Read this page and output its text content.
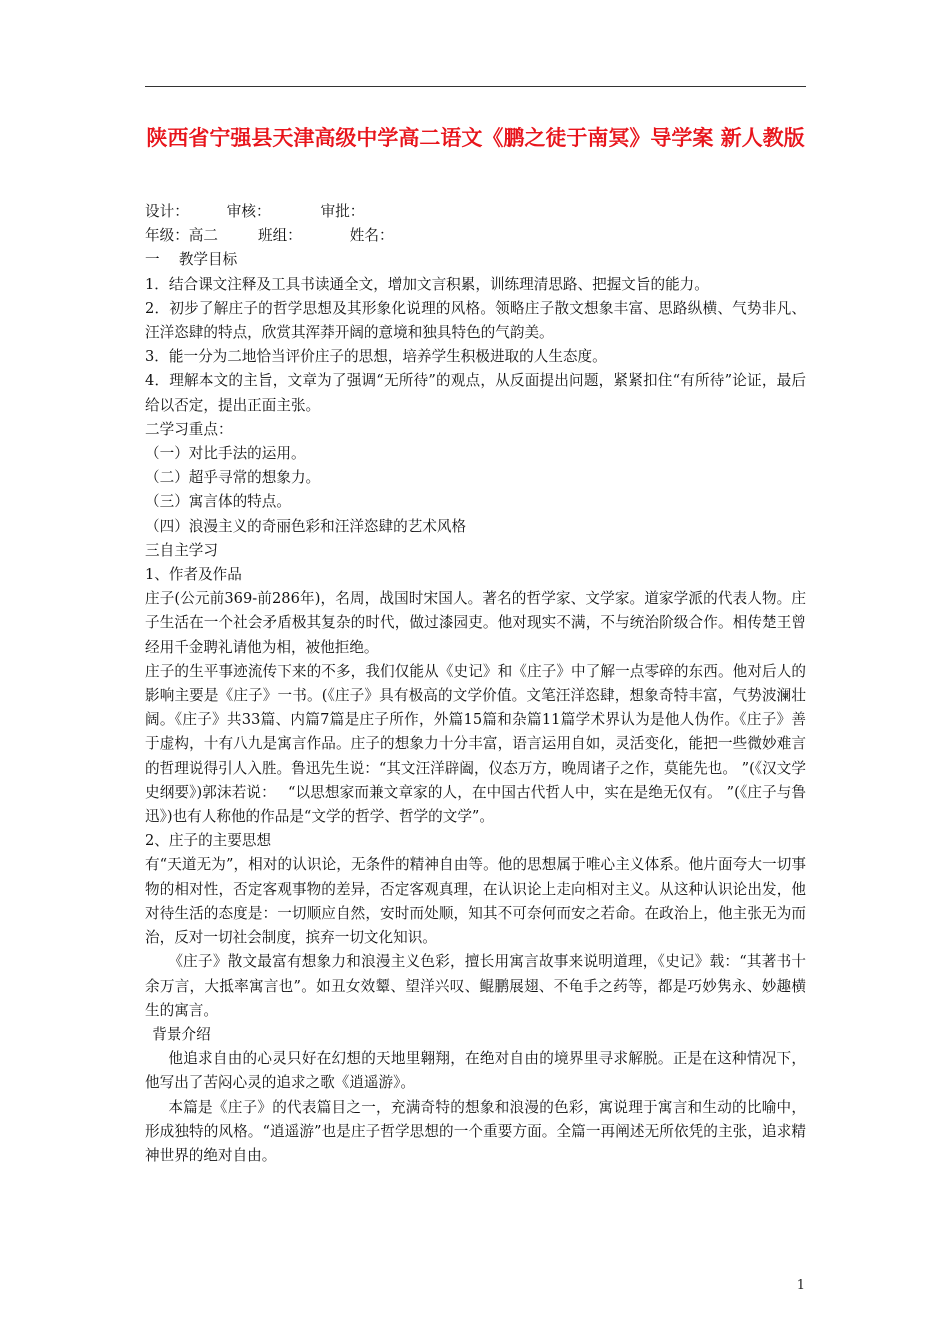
陕西省宁强县天津高级中学高二语文《鹏之徒于南冥》导学案 新人教版

设计：	审核：	审批：

年级：高二	班组：	姓名：

一　 教学目标

1．结合课文注释及工具书读通全文，增加文言积累，训练理清思路、把握文旨的能力。

2．初步了解庄子的哲学思想及其形象化说理的风格。领略庄子散文想象丰富、思路纵横、气势非凡、汪洋恣肆的特点，欣赏其浑莽开阔的意境和独具特色的气韵美。

3．能一分为二地恰当评价庄子的思想，培养学生积极进取的人生态度。

4．理解本文的主旨，文章为了强调“无所待”的观点，从反面提出问题，紧紧扣住“有所待”论证，最后给以否定，提出正面主张。

二学习重点：

（一）对比手法的运用。

（二）超乎寻常的想象力。

（三）寓言体的特点。

（四）浪漫主义的奇丽色彩和汪洋恣肆的艺术风格

三自主学习

1、作者及作品

庄子(公元前369-前286年)，名周，战国时宋国人。著名的哲学家、文学家。道家学派的代表人物。庄子生活在一个社会矛盾极其复杂的时代，做过漆园吏。他对现实不满，不与统治阶级合作。相传楚王曾经用千金聘礼请他为相，被他拒绝。

庄子的生平事迹流传下来的不多，我们仅能从《史记》和《庄子》中了解一点零碎的东西。他对后人的影响主要是《庄子》一书。(《庄子》具有极高的文学价值。文笔汪洋恣肆，想象奇特丰富，气势波澜壮阔。《庄子》共33篇、内篇7篇是庄子所作，外篇15篇和杂篇11篇学术界认为是他人伪作。《庄子》善于虚构，十有八九是寓言作品。庄子的想象力十分丰富，语言运用自如，灵活变化，能把一些微妙难言的哲理说得引人入胜。鲁迅先生说：“其文汪洋辟阖，仪态万方，晚周诸子之作，莫能先也。 ”(《汉文学史纲要》)郭沫若说：　 “以思想家而兼文章家的人，在中国古代哲人中，实在是绝无仅有。 ”(《庄子与鲁迅》)也有人称他的作品是“文学的哲学、哲学的文学”。

2、庄子的主要思想

有“天道无为”，相对的认识论，无条件的精神自由等。他的思想属于唯心主义体系。他片面夸大一切事物的相对性，否定客观事物的差异，否定客观真理，在认识论上走向相对主义。从这种认识论出发，他对待生活的态度是：一切顺应自然，安时而处顺，知其不可奈何而安之若命。在政治上，他主张无为而治，反对一切社会制度，摈弃一切文化知识。

《庄子》散文最富有想象力和浪漫主义色彩，擅长用寓言故事来说明道理，《史记》载：“其著书十余万言，大抵率寓言也”。如丑女效颦、望洋兴叹、鲲鹏展翅、不龟手之药等，都是巧妙隽永、妙趣横生的寓言。

背景介绍

他追求自由的心灵只好在幻想的天地里翱翔，在绝对自由的境界里寻求解脱。正是在这种情况下，他写出了苦闷心灵的追求之歌《逍遥游》。

本篇是《庄子》的代表篇目之一，充满奇特的想象和浪漫的色彩，寓说理于寓言和生动的比喻中，形成独特的风格。“逍遥游”也是庄子哲学思想的一个重要方面。全篇一再阐述无所依凭的主张，追求精神世界的绝对自由。

1
